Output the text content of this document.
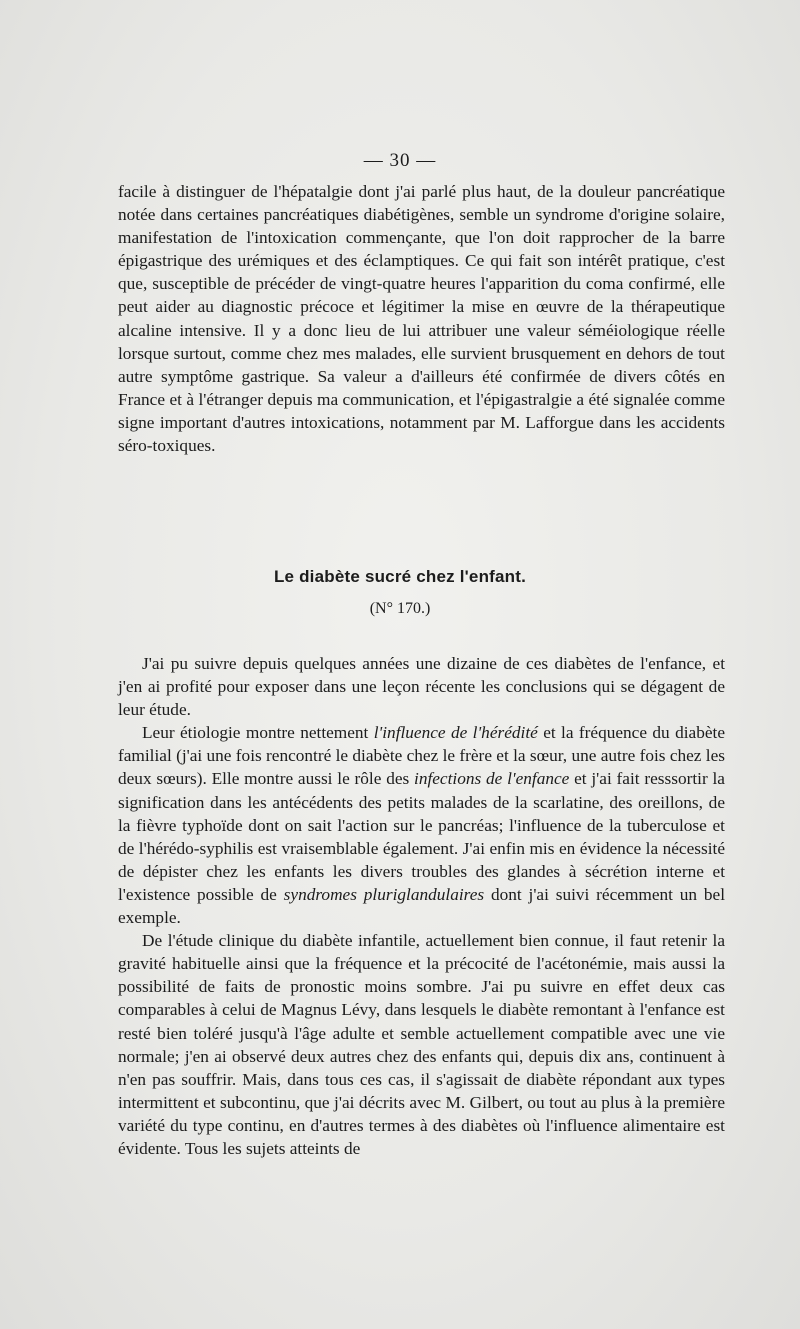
— 30 —

facile à distinguer de l'hépatalgie dont j'ai parlé plus haut, de la douleur pancréatique notée dans certaines pancréatiques diabétigènes, semble un syndrome d'origine solaire, manifestation de l'intoxication commençante, que l'on doit rapprocher de la barre épigastrique des urémiques et des éclamptiques. Ce qui fait son intérêt pratique, c'est que, susceptible de précéder de vingt-quatre heures l'apparition du coma confirmé, elle peut aider au diagnostic précoce et légitimer la mise en œuvre de la thérapeutique alcaline intensive. Il y a donc lieu de lui attribuer une valeur séméiologique réelle lorsque surtout, comme chez mes malades, elle survient brusquement en dehors de tout autre symptôme gastrique. Sa valeur a d'ailleurs été confirmée de divers côtés en France et à l'étranger depuis ma communication, et l'épigastralgie a été signalée comme signe important d'autres intoxications, notamment par M. Lafforgue dans les accidents séro-toxiques.

Le diabète sucré chez l'enfant.
(N° 170.)

J'ai pu suivre depuis quelques années une dizaine de ces diabètes de l'enfance, et j'en ai profité pour exposer dans une leçon récente les conclusions qui se dégagent de leur étude.

Leur étiologie montre nettement l'influence de l'hérédité et la fréquence du diabète familial (j'ai une fois rencontré le diabète chez le frère et la sœur, une autre fois chez les deux sœurs). Elle montre aussi le rôle des infections de l'enfance et j'ai fait resssortir la signification dans les antécédents des petits malades de la scarlatine, des oreillons, de la fièvre typhoïde dont on sait l'action sur le pancréas; l'influence de la tuberculose et de l'hérédo-syphilis est vraisemblable également. J'ai enfin mis en évidence la nécessité de dépister chez les enfants les divers troubles des glandes à sécrétion interne et l'existence possible de syndromes pluriglandulaires dont j'ai suivi récemment un bel exemple.

De l'étude clinique du diabète infantile, actuellement bien connue, il faut retenir la gravité habituelle ainsi que la fréquence et la précocité de l'acétonémie, mais aussi la possibilité de faits de pronostic moins sombre. J'ai pu suivre en effet deux cas comparables à celui de Magnus Lévy, dans lesquels le diabète remontant à l'enfance est resté bien toléré jusqu'à l'âge adulte et semble actuellement compatible avec une vie normale; j'en ai observé deux autres chez des enfants qui, depuis dix ans, continuent à n'en pas souffrir. Mais, dans tous ces cas, il s'agissait de diabète répondant aux types intermittent et subcontinu, que j'ai décrits avec M. Gilbert, ou tout au plus à la première variété du type continu, en d'autres termes à des diabètes où l'influence alimentaire est évidente. Tous les sujets atteints de
